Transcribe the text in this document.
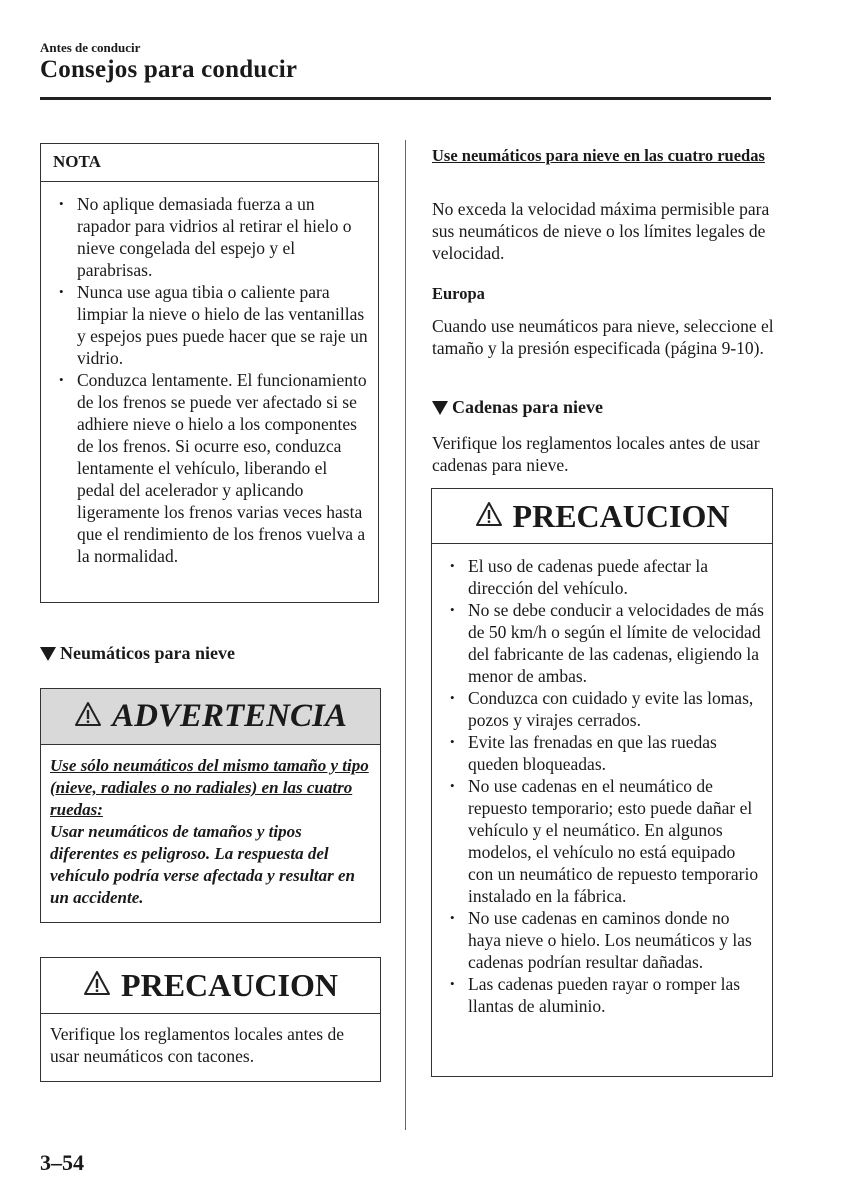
Antes de conducir
Consejos para conducir
NOTA
• No aplique demasiada fuerza a un rapador para vidrios al retirar el hielo o nieve congelada del espejo y el parabrisas.
• Nunca use agua tibia o caliente para limpiar la nieve o hielo de las ventanillas y espejos pues puede hacer que se raje un vidrio.
• Conduzca lentamente. El funcionamiento de los frenos se puede ver afectado si se adhiere nieve o hielo a los componentes de los frenos. Si ocurre eso, conduzca lentamente el vehículo, liberando el pedal del acelerador y aplicando ligeramente los frenos varias veces hasta que el rendimiento de los frenos vuelva a la normalidad.
Neumáticos para nieve
ADVERTENCIA
Use sólo neumáticos del mismo tamaño y tipo (nieve, radiales o no radiales) en las cuatro ruedas:
Usar neumáticos de tamaños y tipos diferentes es peligroso. La respuesta del vehículo podría verse afectada y resultar en un accidente.
PRECAUCION
Verifique los reglamentos locales antes de usar neumáticos con tacones.
Use neumáticos para nieve en las cuatro ruedas
No exceda la velocidad máxima permisible para sus neumáticos de nieve o los límites legales de velocidad.
Europa
Cuando use neumáticos para nieve, seleccione el tamaño y la presión especificada (página 9-10).
Cadenas para nieve
Verifique los reglamentos locales antes de usar cadenas para nieve.
PRECAUCION
• El uso de cadenas puede afectar la dirección del vehículo.
• No se debe conducir a velocidades de más de 50 km/h o según el límite de velocidad del fabricante de las cadenas, eligiendo la menor de ambas.
• Conduzca con cuidado y evite las lomas, pozos y virajes cerrados.
• Evite las frenadas en que las ruedas queden bloqueadas.
• No use cadenas en el neumático de repuesto temporario; esto puede dañar el vehículo y el neumático. En algunos modelos, el vehículo no está equipado con un neumático de repuesto temporario instalado en la fábrica.
• No use cadenas en caminos donde no haya nieve o hielo. Los neumáticos y las cadenas podrían resultar dañadas.
• Las cadenas pueden rayar o romper las llantas de aluminio.
3–54
